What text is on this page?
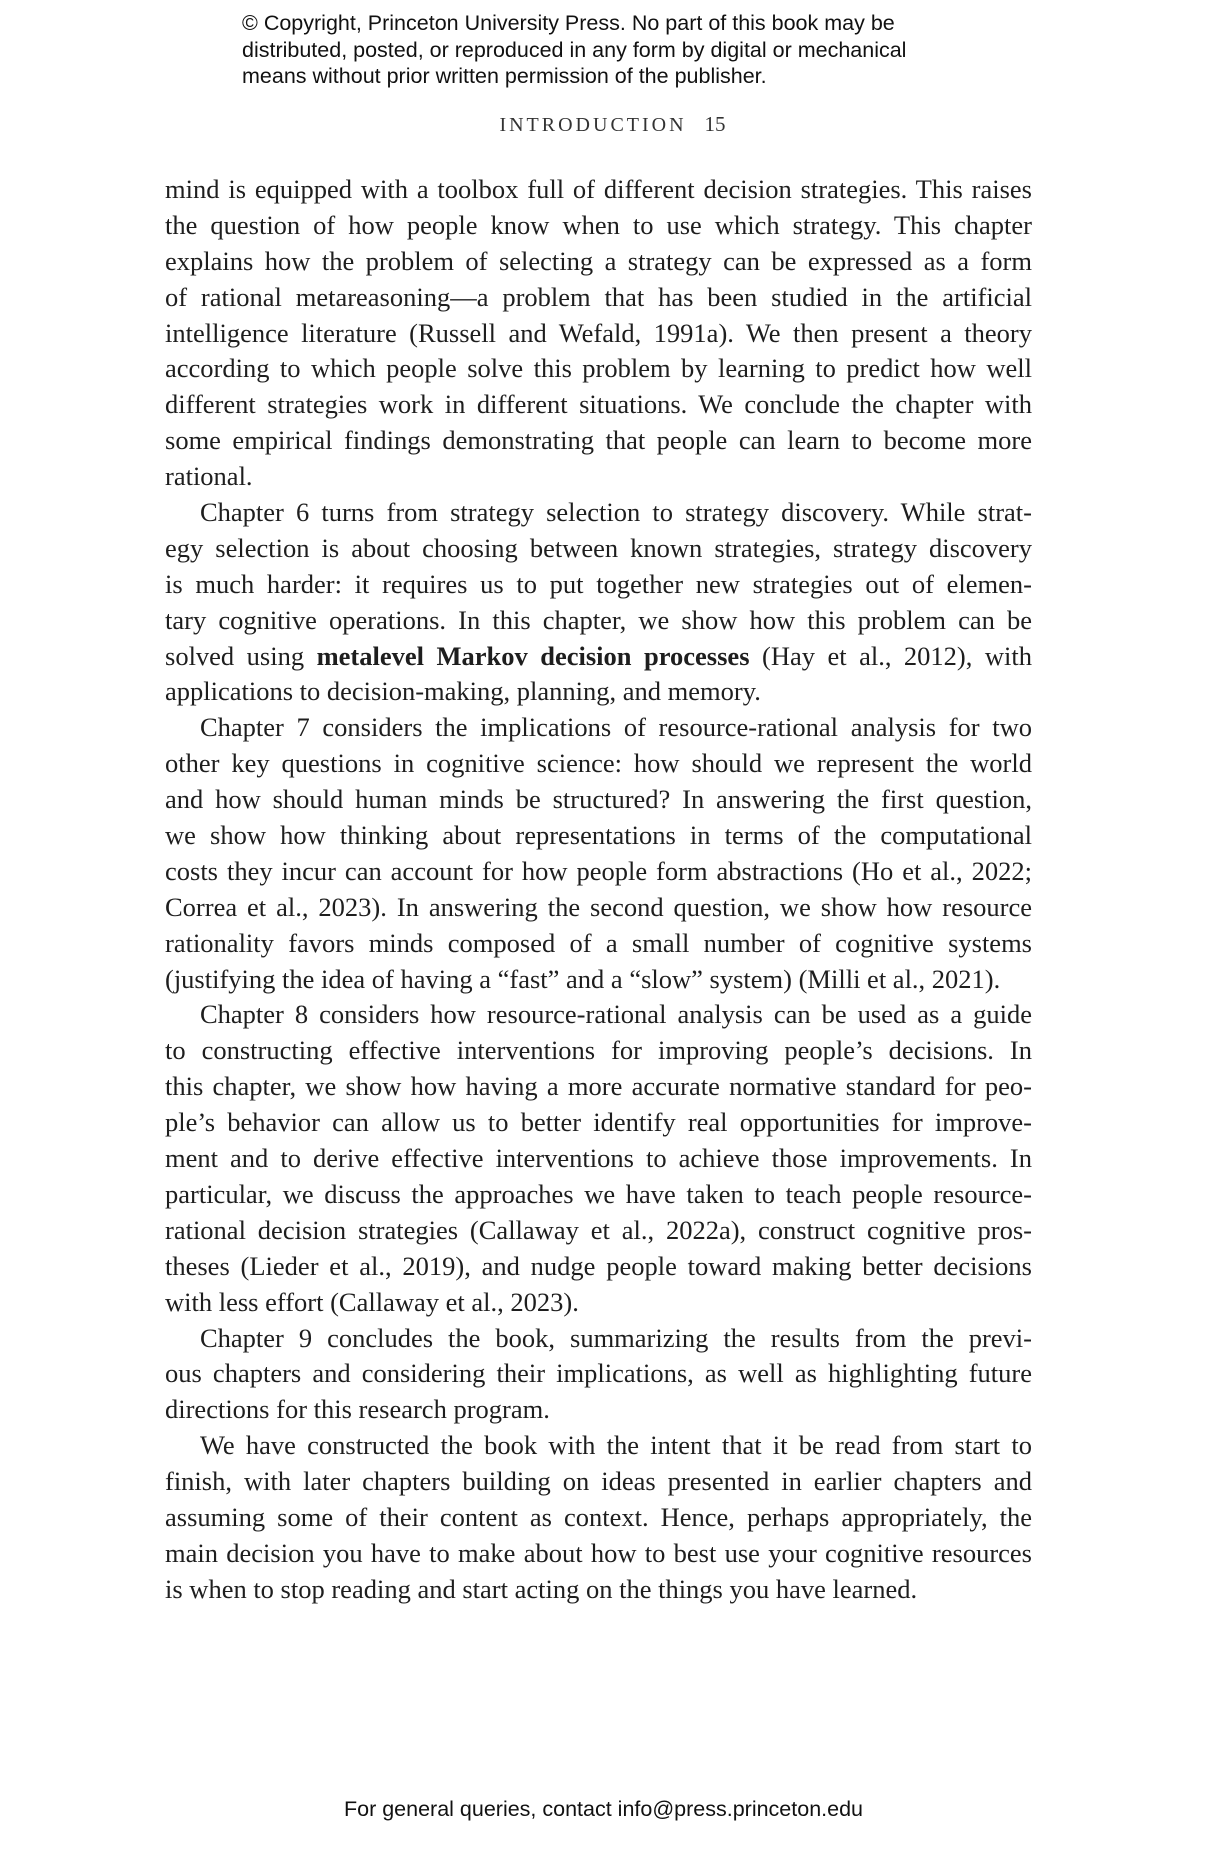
© Copyright, Princeton University Press. No part of this book may be
distributed, posted, or reproduced in any form by digital or mechanical
means without prior written permission of the publisher.
INTRODUCTION 15
mind is equipped with a toolbox full of different decision strategies. This raises
the question of how people know when to use which strategy. This chapter
explains how the problem of selecting a strategy can be expressed as a form
of rational metareasoning—a problem that has been studied in the artificial
intelligence literature (Russell and Wefald, 1991a). We then present a theory
according to which people solve this problem by learning to predict how well
different strategies work in different situations. We conclude the chapter with
some empirical findings demonstrating that people can learn to become more
rational.
Chapter 6 turns from strategy selection to strategy discovery. While strat-
egy selection is about choosing between known strategies, strategy discovery
is much harder: it requires us to put together new strategies out of elemen-
tary cognitive operations. In this chapter, we show how this problem can be
solved using metalevel Markov decision processes (Hay et al., 2012), with
applications to decision-making, planning, and memory.
Chapter 7 considers the implications of resource-rational analysis for two
other key questions in cognitive science: how should we represent the world
and how should human minds be structured? In answering the first question,
we show how thinking about representations in terms of the computational
costs they incur can account for how people form abstractions (Ho et al., 2022;
Correa et al., 2023). In answering the second question, we show how resource
rationality favors minds composed of a small number of cognitive systems
(justifying the idea of having a “fast” and a “slow” system) (Milli et al., 2021).
Chapter 8 considers how resource-rational analysis can be used as a guide
to constructing effective interventions for improving people’s decisions. In
this chapter, we show how having a more accurate normative standard for peo-
ple’s behavior can allow us to better identify real opportunities for improve-
ment and to derive effective interventions to achieve those improvements. In
particular, we discuss the approaches we have taken to teach people resource-
rational decision strategies (Callaway et al., 2022a), construct cognitive pros-
theses (Lieder et al., 2019), and nudge people toward making better decisions
with less effort (Callaway et al., 2023).
Chapter 9 concludes the book, summarizing the results from the previ-
ous chapters and considering their implications, as well as highlighting future
directions for this research program.
We have constructed the book with the intent that it be read from start to
finish, with later chapters building on ideas presented in earlier chapters and
assuming some of their content as context. Hence, perhaps appropriately, the
main decision you have to make about how to best use your cognitive resources
is when to stop reading and start acting on the things you have learned.
For general queries, contact info@press.princeton.edu
